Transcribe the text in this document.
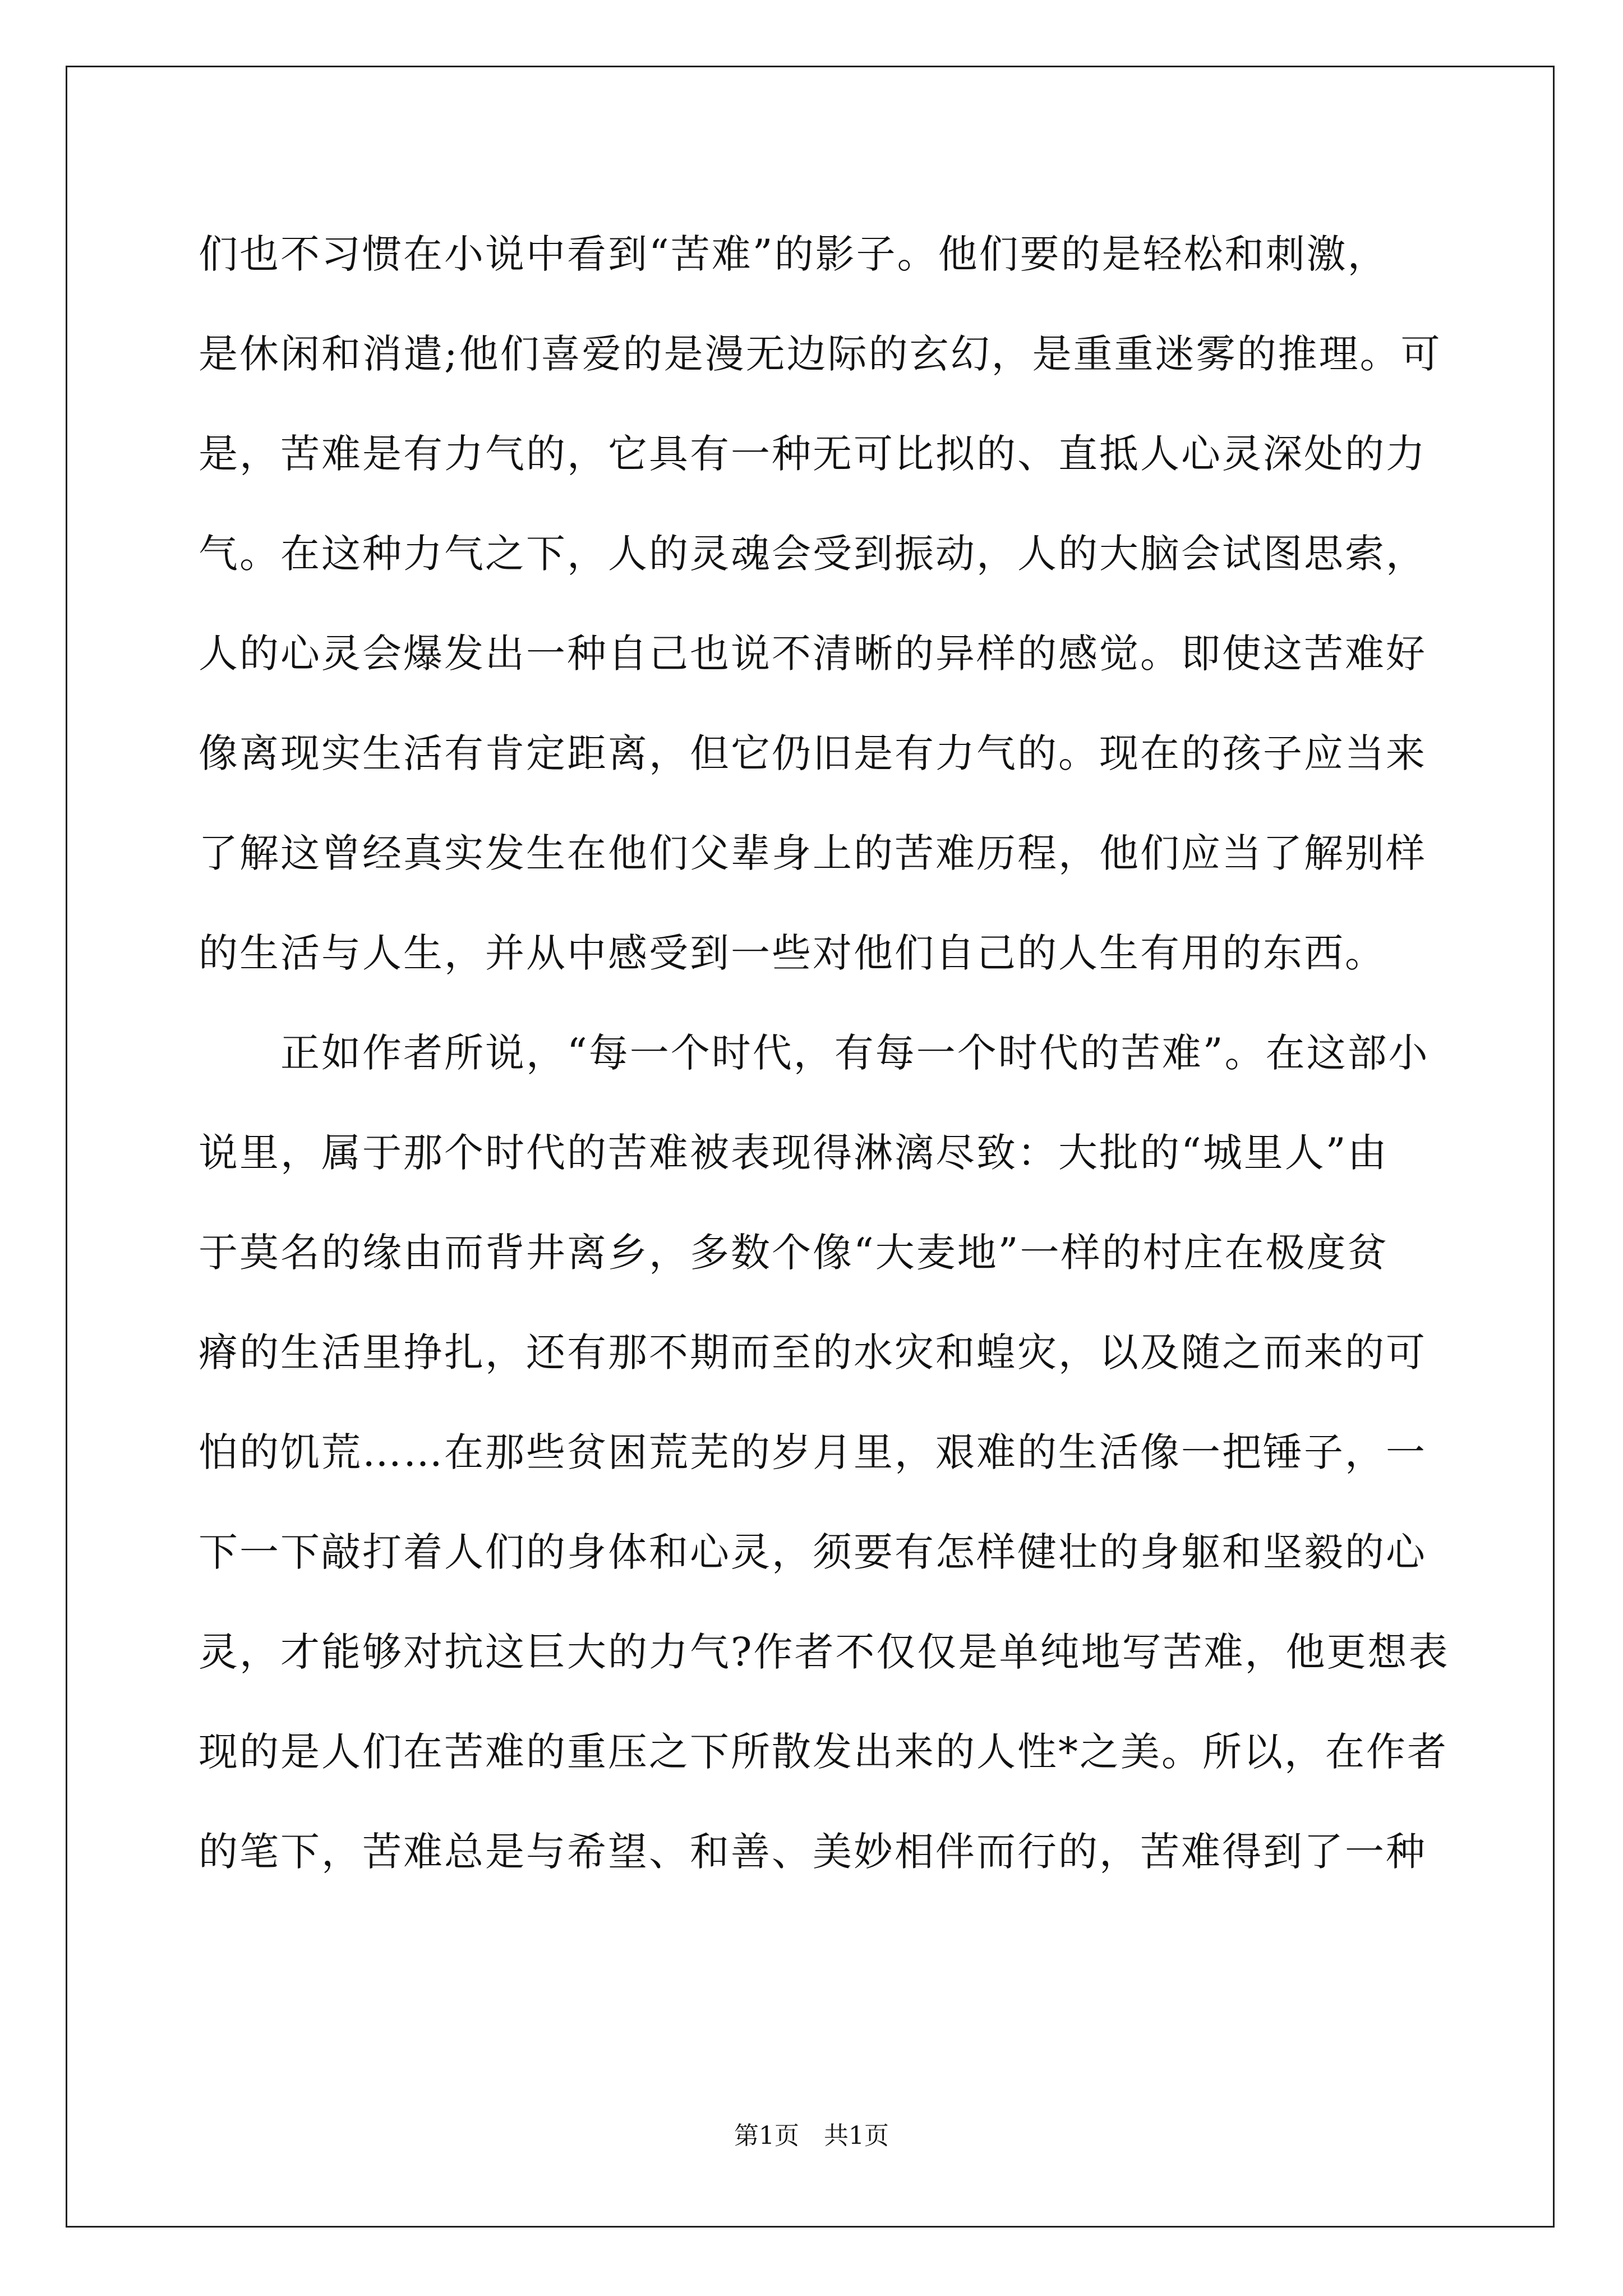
们也不习惯在小说中看到“苦难”的影子。他们要的是轻松和刺激，
是休闲和消遣;他们喜爱的是漫无边际的玄幻，是重重迷雾的推理。可
是，苦难是有力气的，它具有一种无可比拟的、直抵人心灵深处的力
气。在这种力气之下，人的灵魂会受到振动，人的大脑会试图思索，
人的心灵会爆发出一种自己也说不清晰的异样的感觉。即使这苦难好
像离现实生活有肯定距离，但它仍旧是有力气的。现在的孩子应当来
了解这曾经真实发生在他们父辈身上的苦难历程，他们应当了解别样
的生活与人生，并从中感受到一些对他们自己的人生有用的东西。
正如作者所说，“每一个时代，有每一个时代的苦难”。在这部小
说里，属于那个时代的苦难被表现得淋漓尽致：大批的“城里人”由
于莫名的缘由而背井离乡，多数个像“大麦地”一样的村庄在极度贫
瘠的生活里挣扎，还有那不期而至的水灾和蝗灾，以及随之而来的可
怕的饥荒……在那些贫困荒芜的岁月里，艰难的生活像一把锤子，一
下一下敲打着人们的身体和心灵，须要有怎样健壮的身躯和坚毅的心
灵，才能够对抗这巨大的力气?作者不仅仅是单纯地写苦难，他更想表
现的是人们在苦难的重压之下所散发出来的人性*之美。所以，在作者
的笔下，苦难总是与希望、和善、美妙相伴而行的，苦难得到了一种
第1页　共1页
